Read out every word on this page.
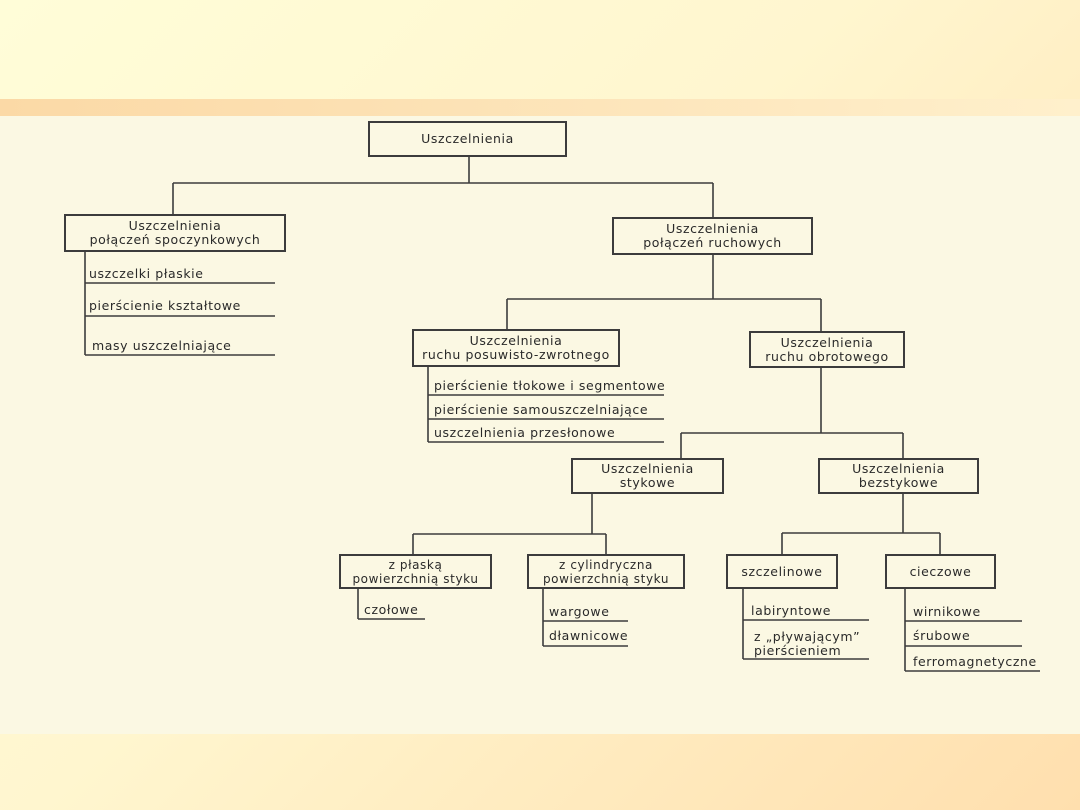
Uszczelnienia
Uszczelnienia
połączeń spoczynkowych
Uszczelnienia
połączeń ruchowych
uszczelki płaskie
pierścienie kształtowe
masy uszczelniające	Uszczelnienia
ruchu posuwisto-zwrotnego
Uszczelnienia
ruchu obrotowego
pierścienie tłokowe i segmentowe
pierścienie samouszczelniające
uszczelnienia przesłonowe
Uszczelnienia
stykowe
Uszczelnienia
bezstykowe
z płaską
powierzchnią styku
z cylindryczna
powierzchnią styku	szczelinowe	cieczowe
czołowe	wargowe
dławnicowe
labiryntowe
z „pływającym”
pierścieniem
wirnikowe
śrubowe
ferromagnetyczne
